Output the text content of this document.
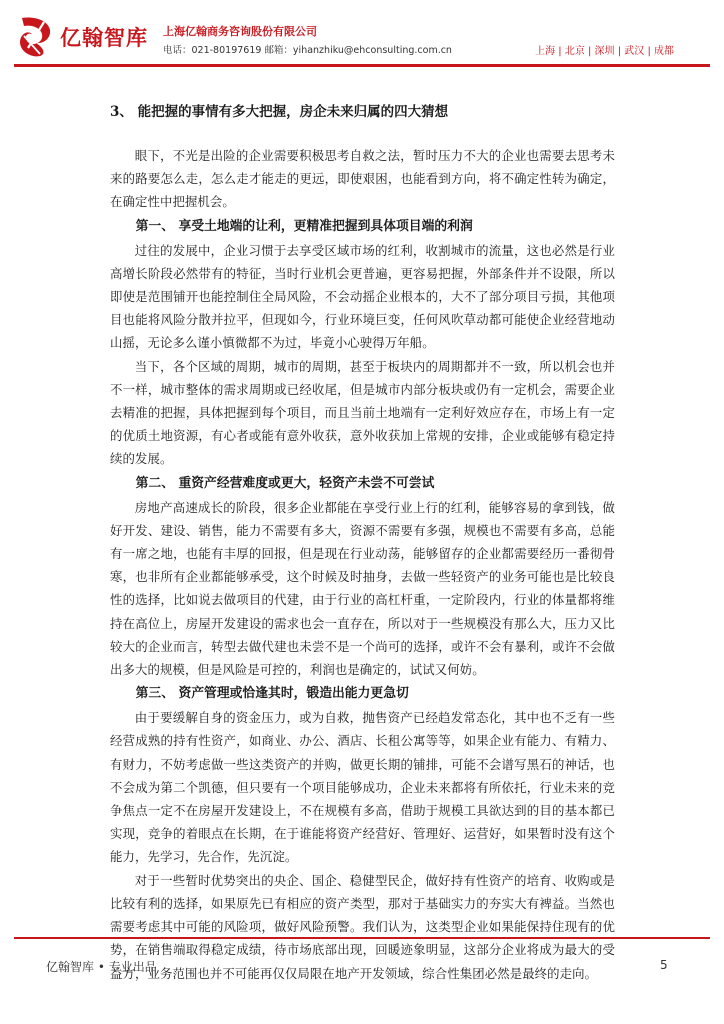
亿翰智库 上海亿翰商务咨询股份有限公司
电话：021-80197619 邮箱：yihanzhiku@ehconsulting.com.cn	上海 | 北京 | 深圳 | 武汉 | 成都
3、 能把握的事情有多大把握，房企未来归属的四大猜想

眼下，不光是出险的企业需要积极思考自救之法，暂时压力不大的企业也需要去思考未来的路要怎么走，怎么走才能走的更远，即使艰困，也能看到方向，将不确定性转为确定，在确定性中把握机会。

第一、 享受土地端的让利，更精准把握到具体项目端的利润

过往的发展中，企业习惯于去享受区域市场的红利，收割城市的流量，这也必然是行业高增长阶段必然带有的特征，当时行业机会更普遍，更容易把握，外部条件并不设限，所以即使是范围铺开也能控制住全局风险，不会动摇企业根本的，大不了部分项目亏损，其他项目也能将风险分散并拉平，但现如今，行业环境巨变，任何风吹草动都可能使企业经营地动山摇，无论多么谨小慎微都不为过，毕竟小心驶得万年船。

当下，各个区域的周期，城市的周期，甚至于板块内的周期都并不一致，所以机会也并不一样，城市整体的需求周期或已经收尾，但是城市内部分板块或仍有一定机会，需要企业去精准的把握，具体把握到每个项目，而且当前土地端有一定利好效应存在，市场上有一定的优质土地资源，有心者或能有意外收获，意外收获加上常规的安排，企业或能够有稳定持续的发展。

第二、 重资产经营难度或更大，轻资产未尝不可尝试

房地产高速成长的阶段，很多企业都能在享受行业上行的红利，能够容易的拿到钱，做好开发、建设、销售，能力不需要有多大，资源不需要有多强，规模也不需要有多高，总能有一席之地，也能有丰厚的回报，但是现在行业动荡，能够留存的企业都需要经历一番彻骨寒，也非所有企业都能够承受，这个时候及时抽身，去做一些轻资产的业务可能也是比较良性的选择，比如说去做项目的代建，由于行业的高杠杆重，一定阶段内，行业的体量都将维持在高位上，房屋开发建设的需求也会一直存在，所以对于一些规模没有那么大，压力又比较大的企业而言，转型去做代建也未尝不是一个尚可的选择，或许不会有暴利，或许不会做出多大的规模，但是风险是可控的，利润也是确定的，试试又何妨。

第三、 资产管理或恰逢其时，锻造出能力更急切

由于要缓解自身的资金压力，或为自救，抛售资产已经趋发常态化，其中也不乏有一些经营成熟的持有性资产，如商业、办公、酒店、长租公寓等等，如果企业有能力、有精力、有财力，不妨考虑做一些这类资产的并购，做更长期的铺排，可能不会谱写黑石的神话，也不会成为第二个凯德，但只要有一个项目能够成功，企业未来都将有所依托，行业未来的竞争焦点一定不在房屋开发建设上，不在规模有多高，借助于规模工具欲达到的目的基本都已实现，竞争的着眼点在长期，在于谁能将资产经营好、管理好、运营好，如果暂时没有这个能力，先学习，先合作，先沉淀。

对于一些暂时优势突出的央企、国企、稳健型民企，做好持有性资产的培育、收购或是比较有利的选择，如果原先已有相应的资产类型，那对于基础实力的夯实大有裨益。当然也需要考虑其中可能的风险项，做好风险预警。我们认为，这类型企业如果能保持住现有的优势，在销售端取得稳定成绩，待市场底部出现，回暖迹象明显，这部分企业将成为最大的受益方，业务范围也并不可能再仅仅局限在地产开发领域，综合性集团必然是最终的走向。

亿翰智库 • 专业出品	5
